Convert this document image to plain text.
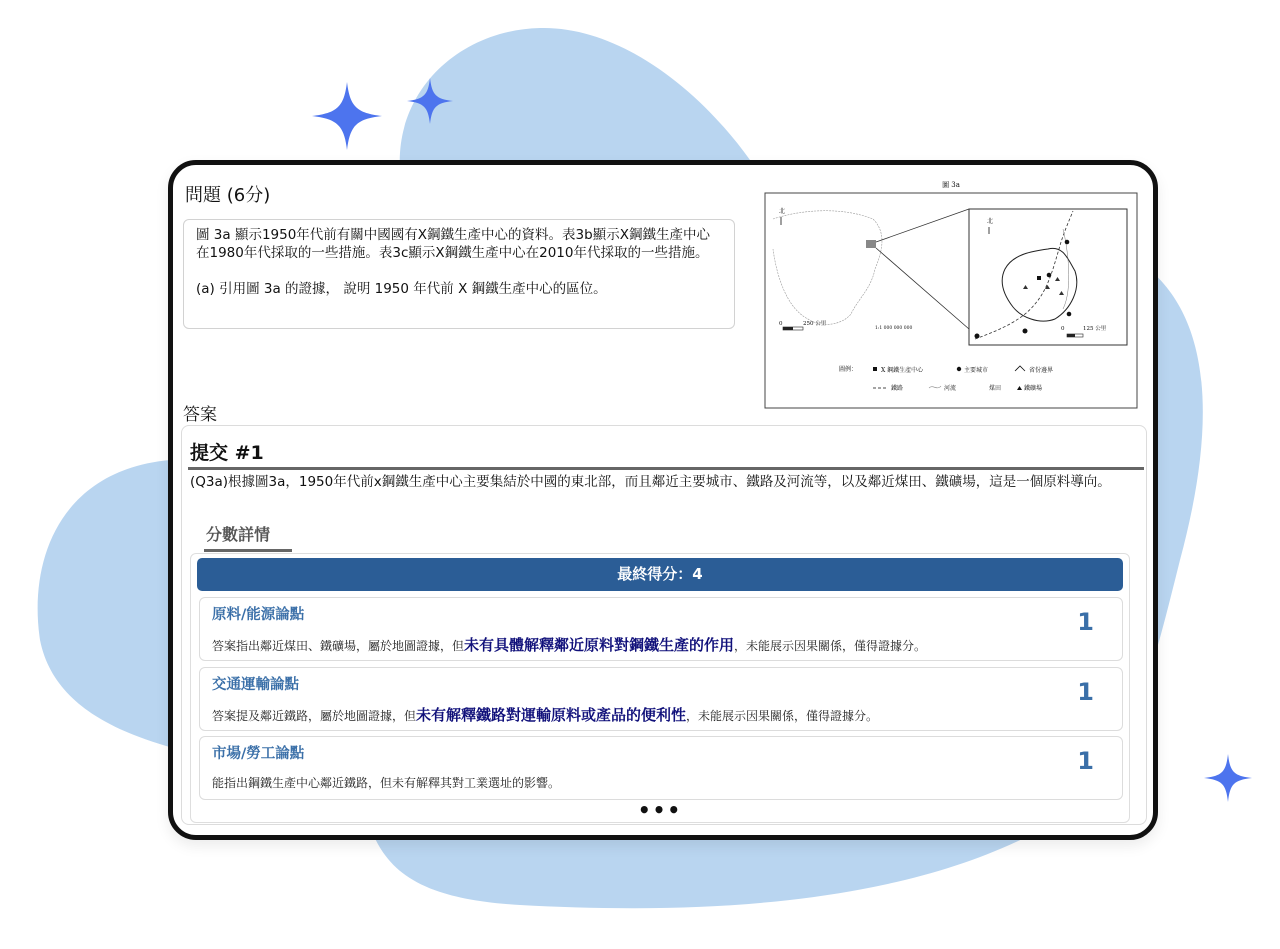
問題 (6分)

圖 3a 顯示1950年代前有關中國國有X鋼鐵生產中心的資料。表3b顯示X鋼鐵生產中心在1980年代採取的一些措施。表3c顯示X鋼鐵生產中心在2010年代採取的一些措施。

(a) 引用圖 3a 的證據， 說明 1950 年代前 X 鋼鐵生產中心的區位。

圖 3a
北
0	250 公里
1:1 000 000 000
北
0	125 公里
圖例：	X 鋼鐵生產中心	主要城市	省份邊界
鐵路	河流	煤田	鐵礦場
答案
提交 #1
(Q3a)根據圖3a，1950年代前x鋼鐵生產中心主要集結於中國的東北部，而且鄰近主要城市、鐵路及河流等，以及鄰近煤田、鐵礦場，這是一個原料導向。
分數詳情
最終得分：4
原料/能源論點	1
答案指出鄰近煤田、鐵礦場，屬於地圖證據，但未有具體解釋鄰近原料對鋼鐵生產的作用，未能展示因果關係，僅得證據分。
交通運輸論點	1
答案提及鄰近鐵路，屬於地圖證據，但未有解釋鐵路對運輸原料或產品的便利性，未能展示因果關係，僅得證據分。
市場/勞工論點	1
能指出鋼鐵生產中心鄰近鐵路，但未有解釋其對工業選址的影響。
•••
